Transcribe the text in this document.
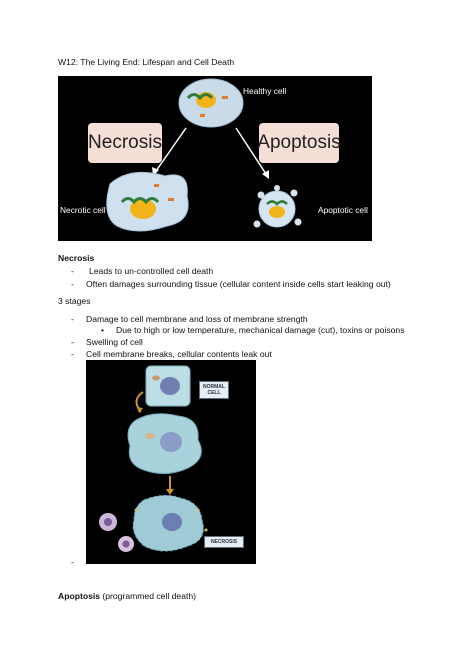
W12: The Living End: Lifespan and Cell Death
Healthy cell
Necrosis	Apoptosis
Necrotic cell	Apoptotic cell
Necrosis
- Leads to un-controlled cell death
- Often damages surrounding tissue (cellular content inside cells start leaking out)
3 stages
- Damage to cell membrane and loss of membrane strength
• Due to high or low temperature, mechanical damage (cut), toxins or poisons
- Swelling of cell
- Cell membrane breaks, cellular contents leak out
NORMAL CELL
NECROSIS
-
Apoptosis (programmed cell death)
